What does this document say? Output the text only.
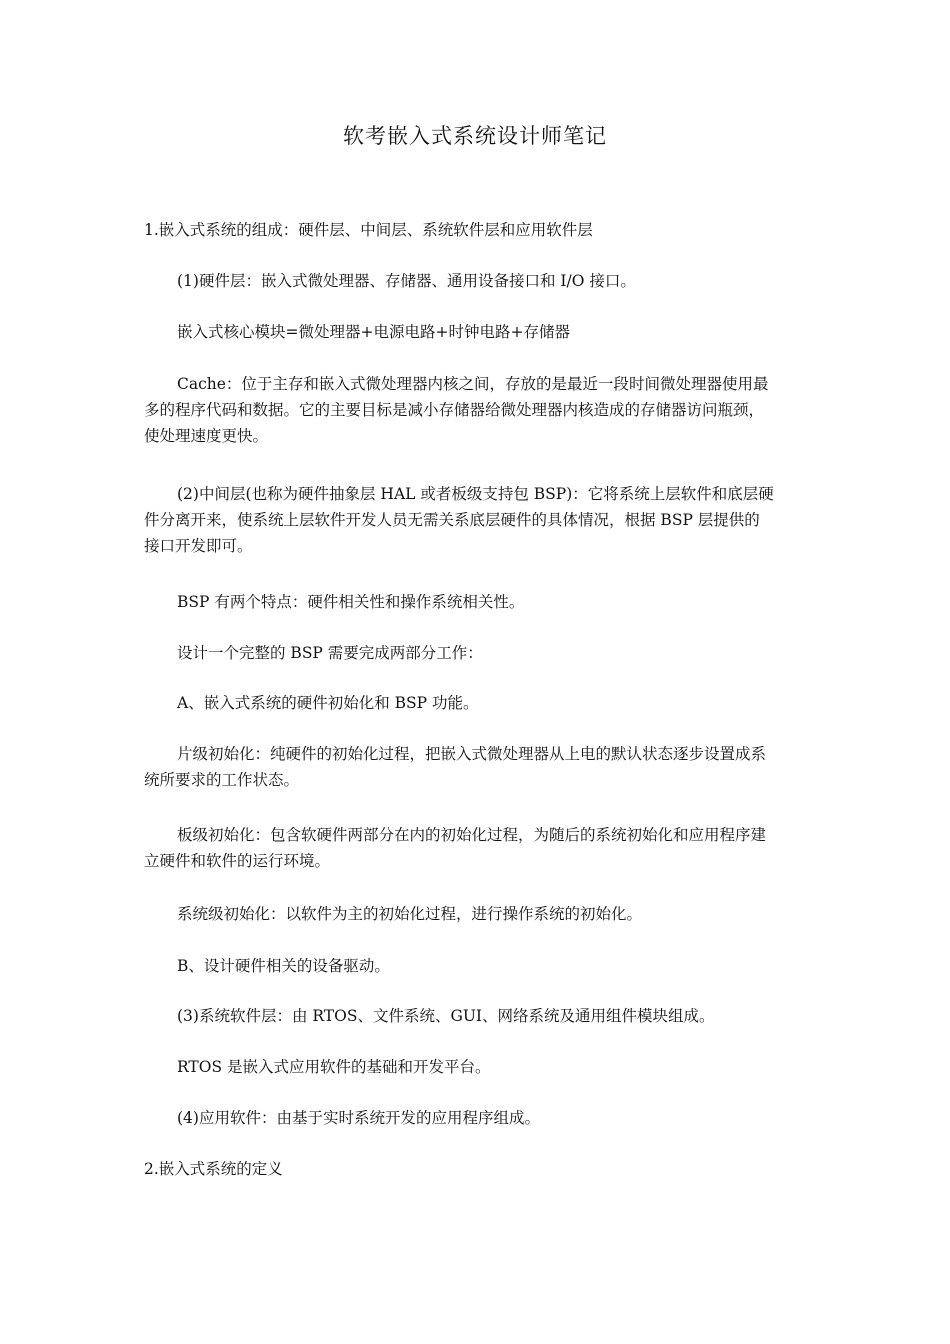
软考嵌入式系统设计师笔记
1.嵌入式系统的组成：硬件层、中间层、系统软件层和应用软件层
(1)硬件层：嵌入式微处理器、存储器、通用设备接口和 I/O 接口。
嵌入式核心模块=微处理器+电源电路+时钟电路+存储器
Cache：位于主存和嵌入式微处理器内核之间，存放的是最近一段时间微处理器使用最
多的程序代码和数据。它的主要目标是减小存储器给微处理器内核造成的存储器访问瓶颈，
使处理速度更快。
(2)中间层(也称为硬件抽象层 HAL 或者板级支持包 BSP)：它将系统上层软件和底层硬
件分离开来，使系统上层软件开发人员无需关系底层硬件的具体情况，根据 BSP 层提供的
接口开发即可。
BSP 有两个特点：硬件相关性和操作系统相关性。
设计一个完整的 BSP 需要完成两部分工作：
A、嵌入式系统的硬件初始化和 BSP 功能。
片级初始化：纯硬件的初始化过程，把嵌入式微处理器从上电的默认状态逐步设置成系
统所要求的工作状态。
板级初始化：包含软硬件两部分在内的初始化过程，为随后的系统初始化和应用程序建
立硬件和软件的运行环境。
系统级初始化：以软件为主的初始化过程，进行操作系统的初始化。
B、设计硬件相关的设备驱动。
(3)系统软件层：由 RTOS、文件系统、GUI、网络系统及通用组件模块组成。
RTOS 是嵌入式应用软件的基础和开发平台。
(4)应用软件：由基于实时系统开发的应用程序组成。
2.嵌入式系统的定义
